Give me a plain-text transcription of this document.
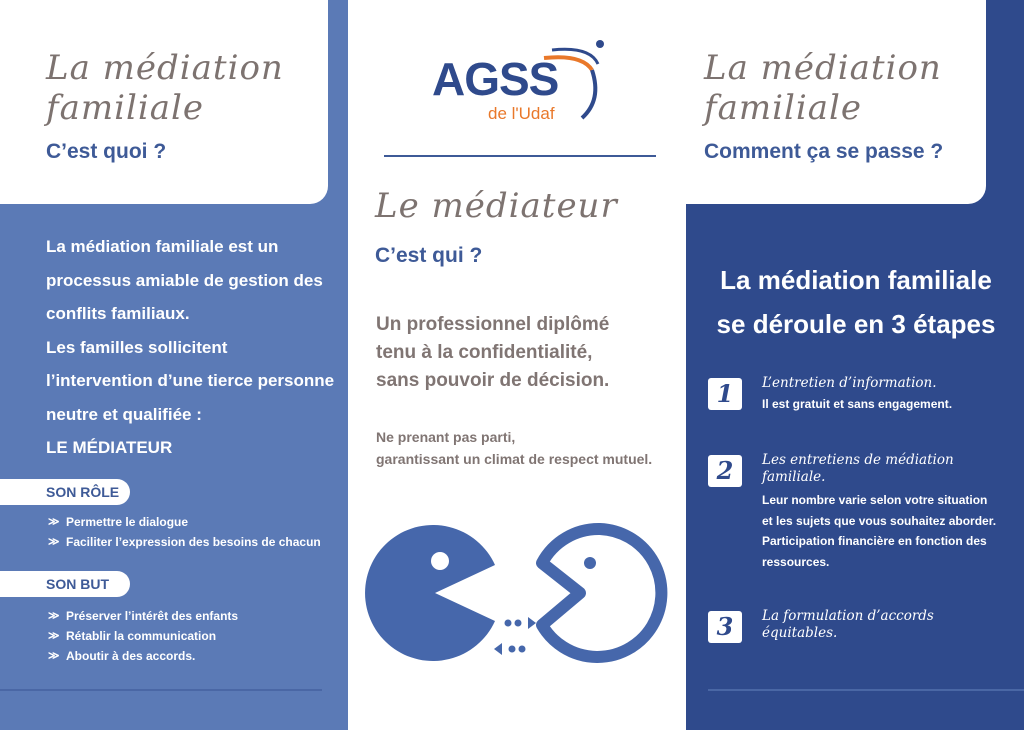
La médiation
familiale
C’est quoi ?

La médiation familiale est un

processus amiable de gestion des

conflits familiaux.

Les familles sollicitent

l’intervention d’une tierce personne

neutre et qualifiée :

LE MÉDIATEUR

SON RÔLE
≫ Permettre le dialogue
≫ Faciliter l’expression des besoins de chacun
SON BUT
≫ Préserver l’intérêt des enfants
≫ Rétablir la communication
≫ Aboutir à des accords.
AGSS
de l'Udaf
Le médiateur
C’est qui ?

Un professionnel diplômé

tenu à la confidentialité,

sans pouvoir de décision.

Ne prenant pas parti,

garantissant un climat de respect mutuel.

La médiation
familiale
Comment ça se passe ?

La médiation familiale

se déroule en 3 étapes

1	L’entretien d’information.
Il est gratuit et sans engagement.
2	Les entretiens de médiation familiale.
Leur nombre varie selon votre situation
et les sujets que vous souhaitez aborder.
Participation financière en fonction des
ressources.
3	La formulation d’accords équitables.
